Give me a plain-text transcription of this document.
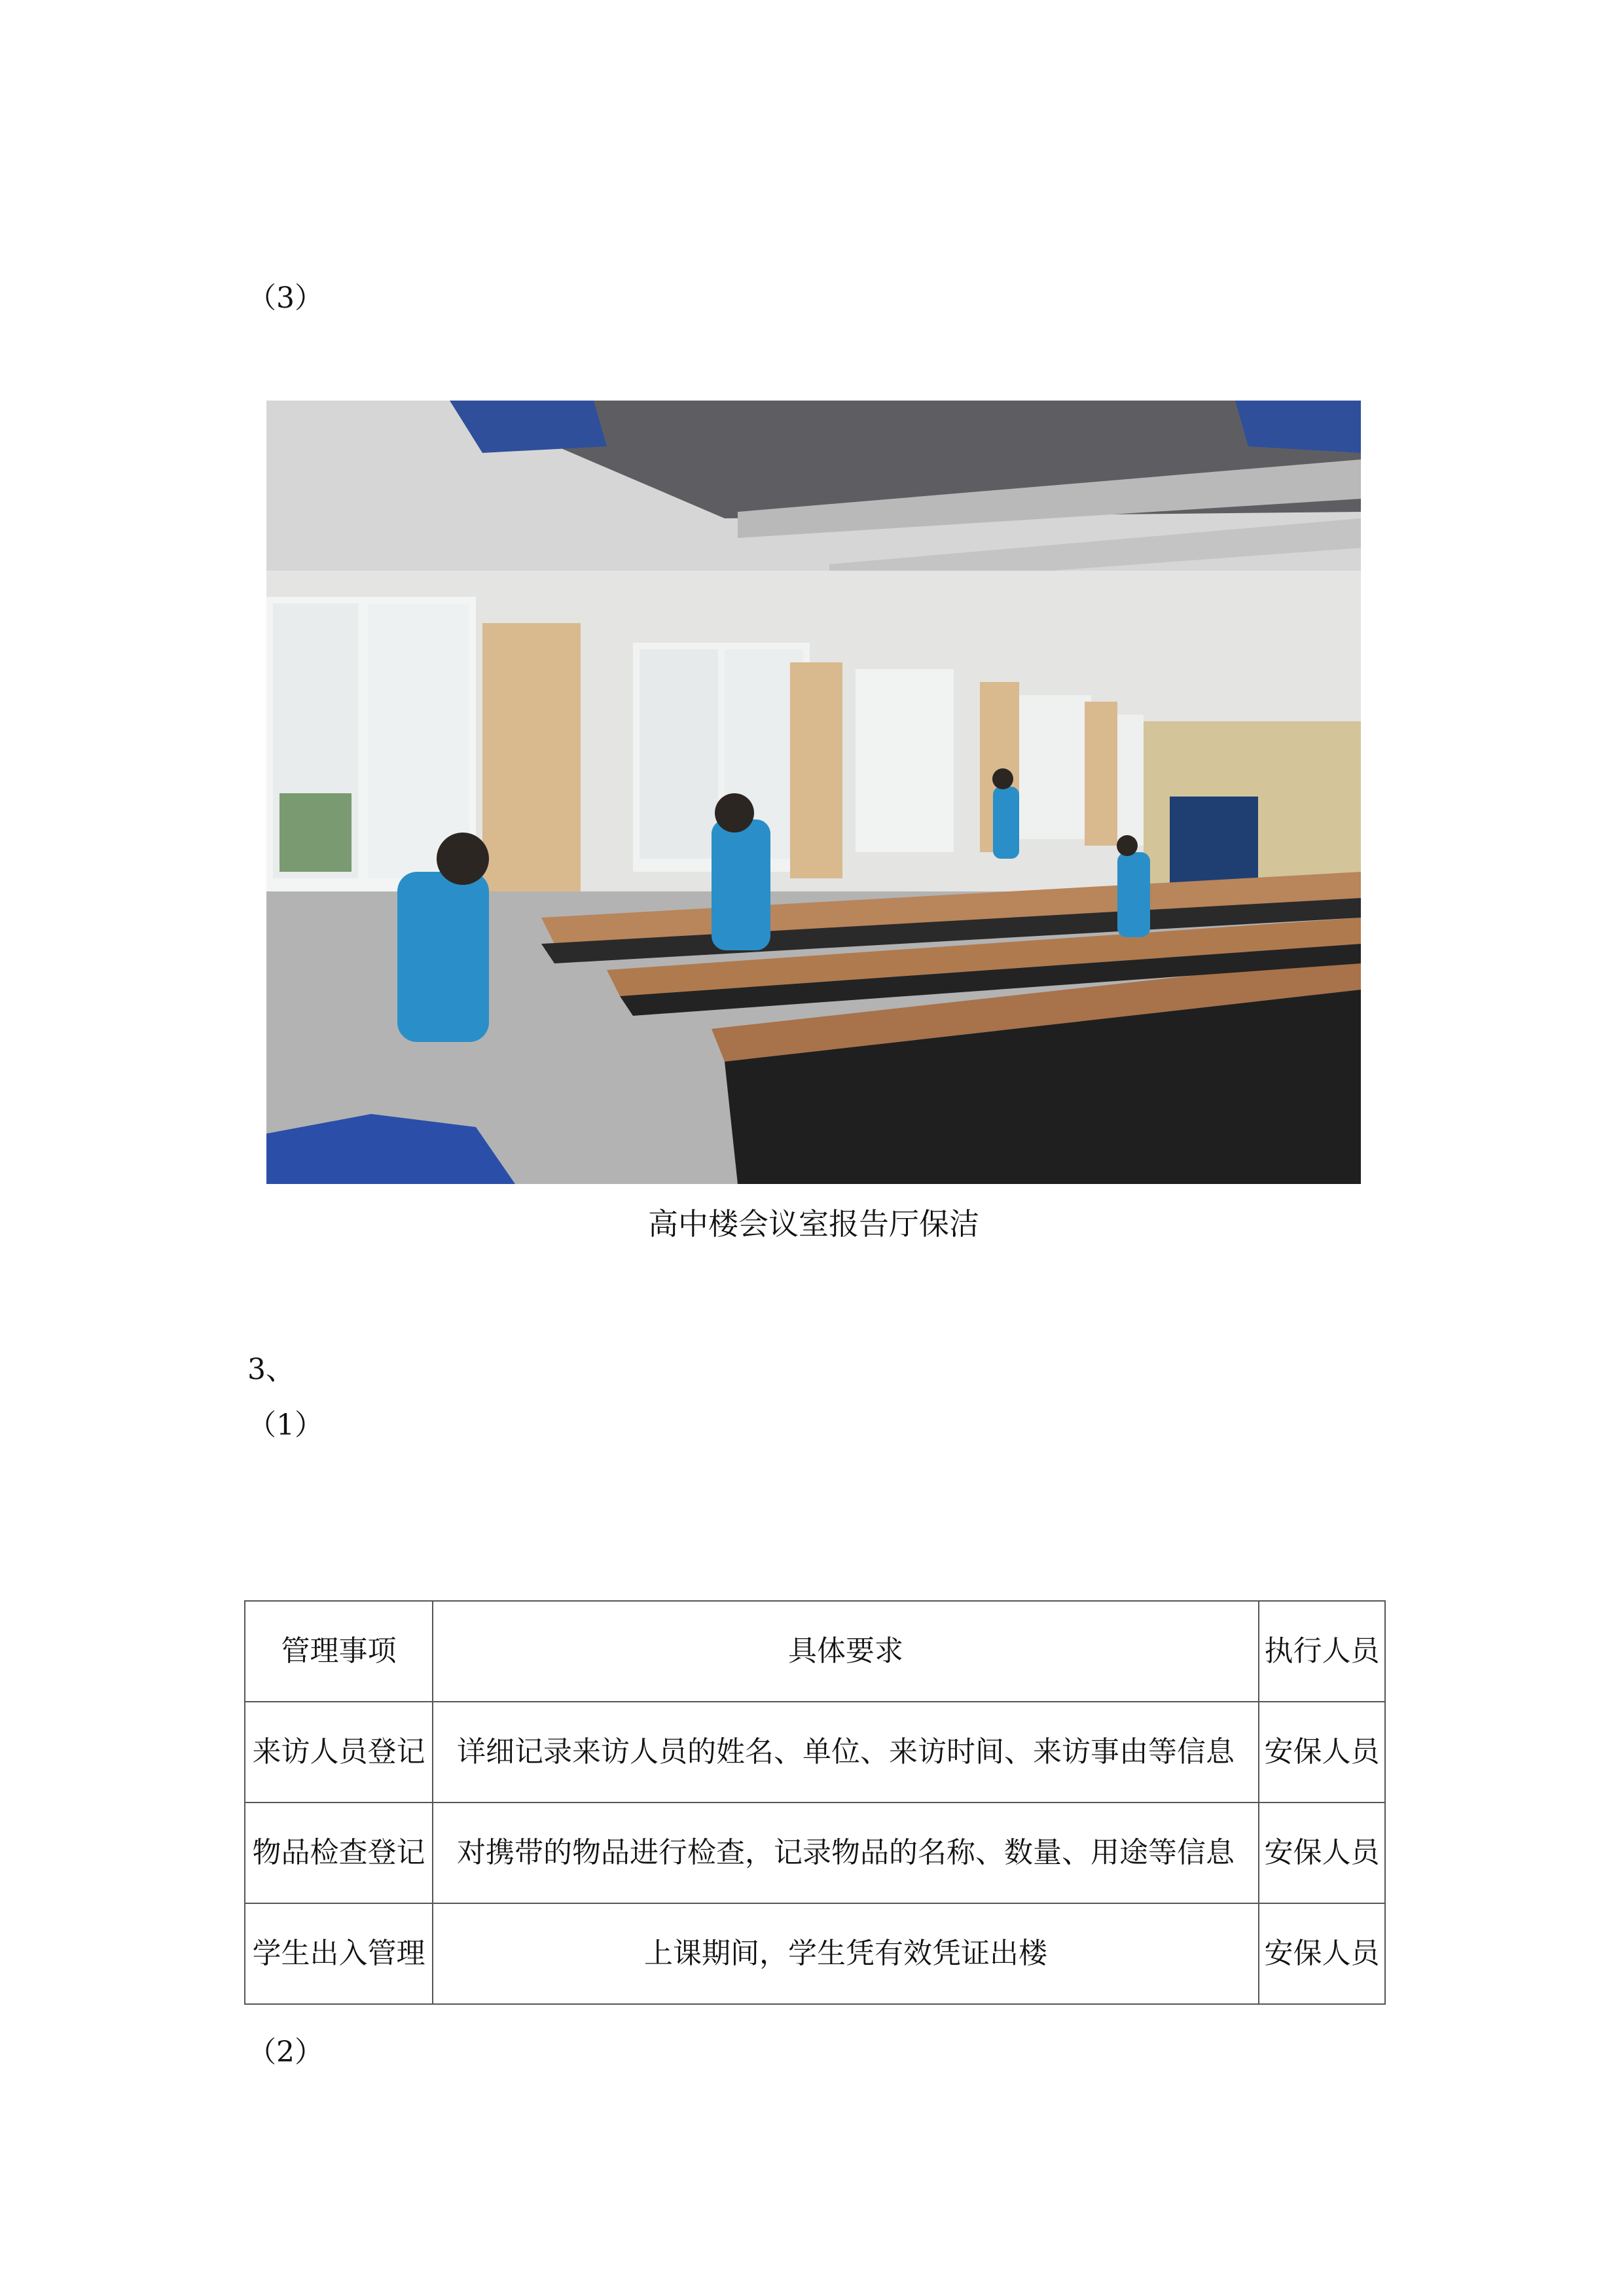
（3）
高中楼会议室报告厅保洁
3、
（1）
管理事项	具体要求	执行人员
来访人员登记	详细记录来访人员的姓名、单位、来访时间、来访事由等信息	安保人员
物品检查登记	对携带的物品进行检查，记录物品的名称、数量、用途等信息	安保人员
学生出入管理	上课期间，学生凭有效凭证出楼	安保人员
（2）
